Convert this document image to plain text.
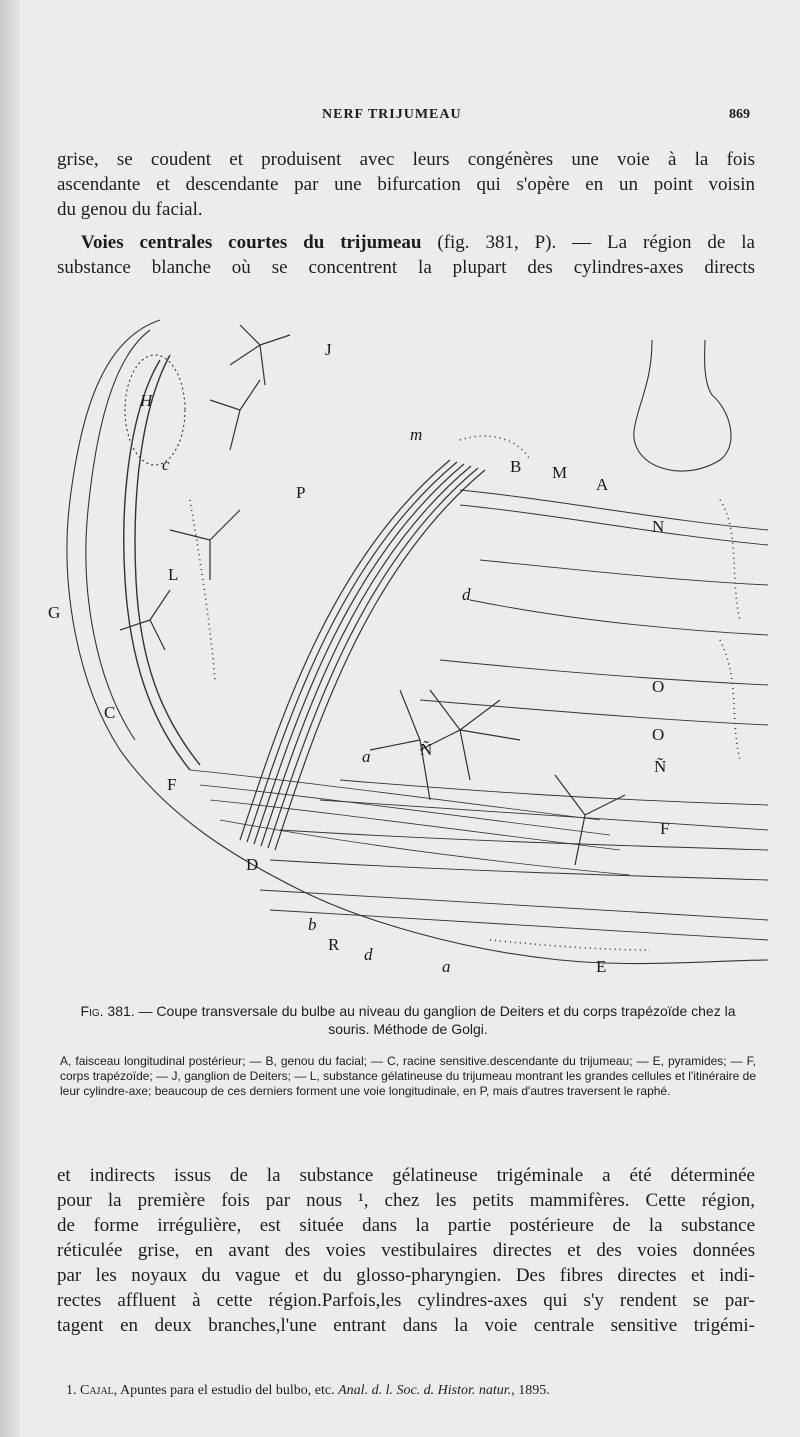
NERF TRIJUMEAU	869

grise, se coudent et produisent avec leurs congénères une voie à la fois
ascendante et descendante par une bifurcation qui s'opère en un point voisin
du genou du facial.

Voies centrales courtes du trijumeau (fig. 381, P). — La région de la
substance blanche où se concentrent la plupart des cylindres-axes directs

J
m
B M
A
N
H
c
P
L
G
C
d
O
O
a	Ñ
Ñ
F
F
D
b
R
d
a	E
Fig. 381. — Coupe transversale du bulbe au niveau du ganglion de Deiters et du corps trapézoïde chez la souris. Méthode de Golgi.
A, faisceau longitudinal postérieur; — B, genou du facial; — C, racine sensitive.descendante du trijumeau; — E, pyramides; — F, corps trapézoïde; — J, ganglion de Deiters; — L, substance gélatineuse du trijumeau montrant les grandes cellules et l'itinéraire de leur cylindre-axe; beaucoup de ces derniers forment une voie longitudinale, en P, mais d'autres traversent le raphé.

et indirects issus de la substance gélatineuse trigéminale a été déterminée
pour la première fois par nous ¹, chez les petits mammifères. Cette région,
de forme irrégulière, est située dans la partie postérieure de la substance
réticulée grise, en avant des voies vestibulaires directes et des voies données
par les noyaux du vague et du glosso-pharyngien. Des fibres directes et indi-
rectes affluent à cette région.Parfois,les cylindres-axes qui s'y rendent se par-
tagent en deux branches,l'une entrant dans la voie centrale sensitive trigémi-

1. Cajal, Apuntes para el estudio del bulbo, etc. Anal. d. l. Soc. d. Histor. natur., 1895.
